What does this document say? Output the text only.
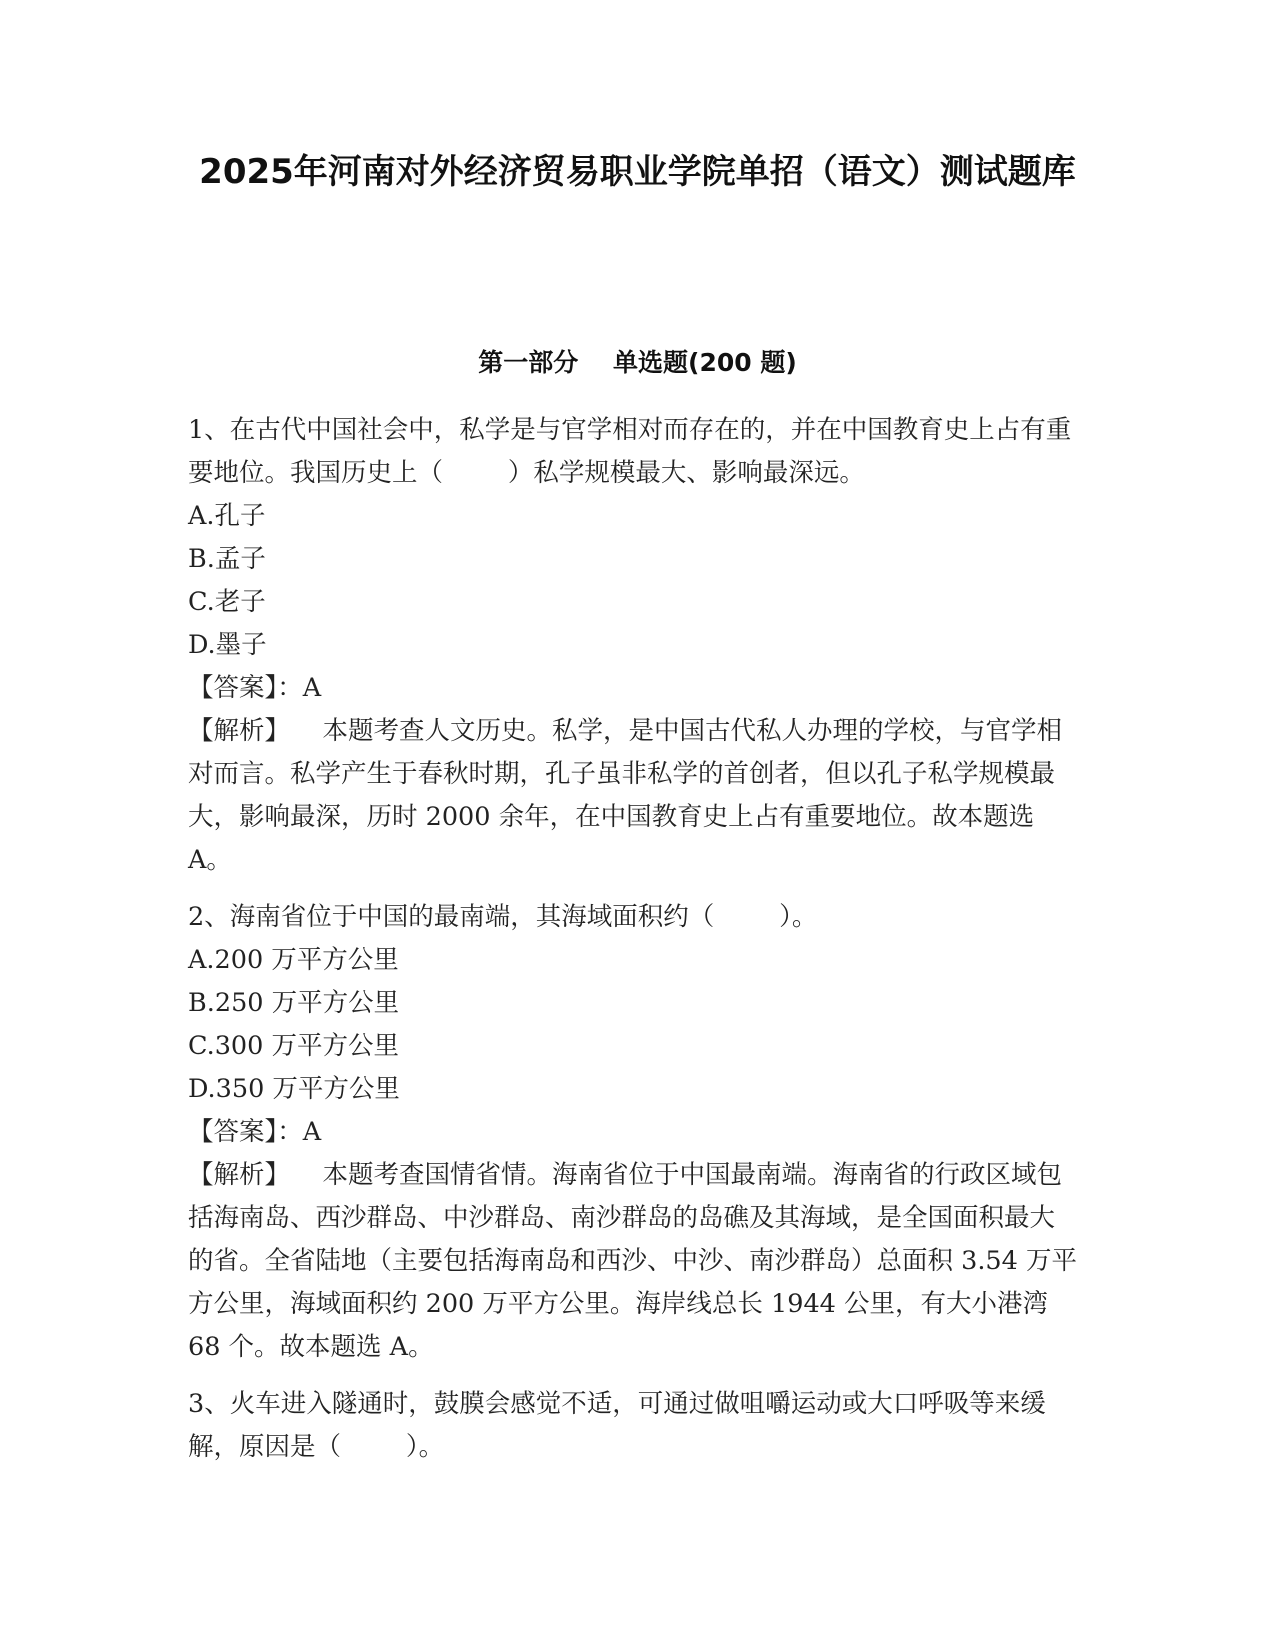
2025年河南对外经济贸易职业学院单招（语文）测试题库
第一部分    单选题(200 题)
1、在古代中国社会中，私学是与官学相对而存在的，并在中国教育史上占有重要地位。我国历史上（        ）私学规模最大、影响最深远。
A.孔子
B.孟子
C.老子
D.墨子
【答案】：A
【解析】 本题考查人文历史。私学，是中国古代私人办理的学校，与官学相对而言。私学产生于春秋时期，孔子虽非私学的首创者，但以孔子私学规模最大，影响最深，历时 2000 余年，在中国教育史上占有重要地位。故本题选 A。
2、海南省位于中国的最南端，其海域面积约（        ）。
A.200 万平方公里
B.250 万平方公里
C.300 万平方公里
D.350 万平方公里
【答案】：A
【解析】 本题考查国情省情。海南省位于中国最南端。海南省的行政区域包括海南岛、西沙群岛、中沙群岛、南沙群岛的岛礁及其海域，是全国面积最大的省。全省陆地（主要包括海南岛和西沙、中沙、南沙群岛）总面积 3.54 万平方公里，海域面积约 200 万平方公里。海岸线总长 1944 公里，有大小港湾 68 个。故本题选 A。
3、火车进入隧通时，鼓膜会感觉不适，可通过做咀嚼运动或大口呼吸等来缓解，原因是（        ）。
